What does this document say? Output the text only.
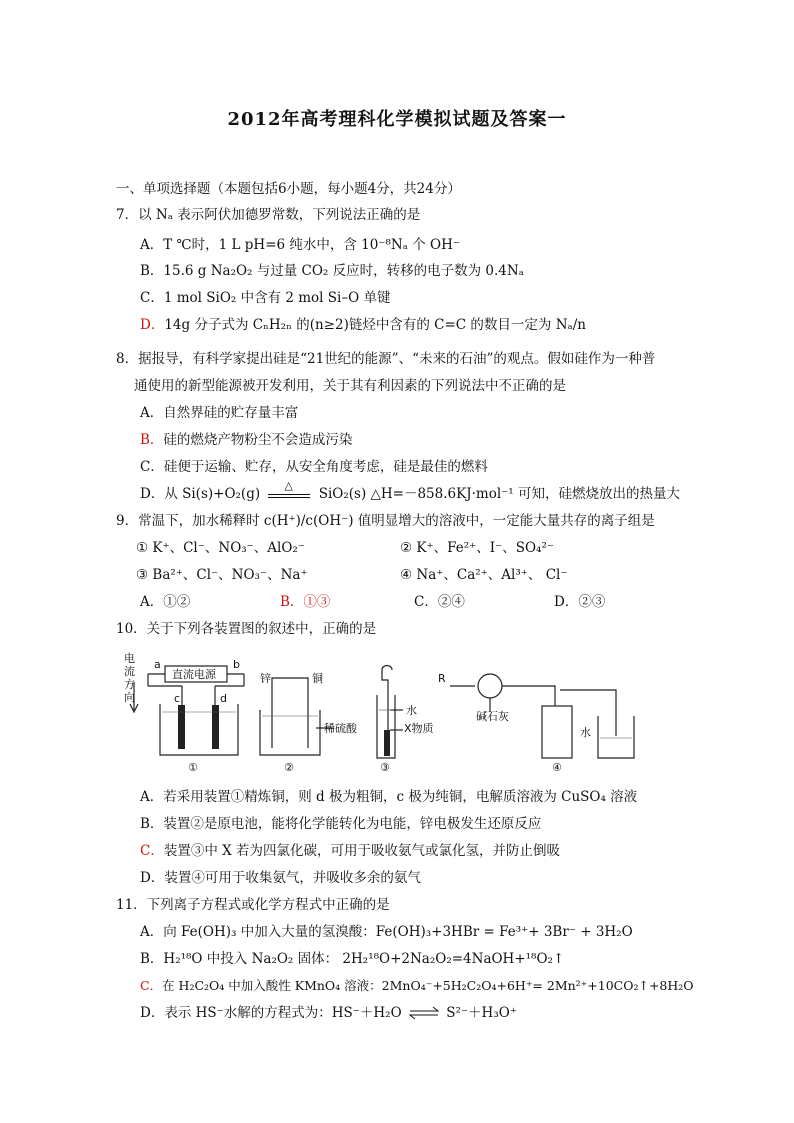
2012年高考理科化学模拟试题及答案一
一、单项选择题（本题包括6小题，每小题4分，共24分）
7．以 Nₐ 表示阿伏加德罗常数，下列说法正确的是
A．T ℃时，1 L pH=6 纯水中，含 10⁻⁸Nₐ 个 OH⁻
B．15.6 g Na₂O₂ 与过量 CO₂ 反应时，转移的电子数为 0.4Nₐ
C．1 mol SiO₂ 中含有 2 mol Si–O 单键
D．14g 分子式为 CₙH₂ₙ 的(n≥2)链烃中含有的 C=C 的数目一定为 Nₐ/n
8．据报导，有科学家提出硅是“21世纪的能源”、“未来的石油”的观点。假如硅作为一种普
通使用的新型能源被开发利用，关于其有利因素的下列说法中不正确的是
A．自然界硅的贮存量丰富
B．硅的燃烧产物粉尘不会造成污染
C．硅便于运输、贮存，从安全角度考虑，硅是最佳的燃料
D．从 Si(s)+O₂(g)
△
SiO₂(s) △H=－858.6KJ·mol⁻¹ 可知，硅燃烧放出的热量大
9．常温下，加水稀释时 c(H⁺)/c(OH⁻) 值明显增大的溶液中，一定能大量共存的离子组是
① K⁺、Cl⁻、NO₃⁻、AlO₂⁻	② K⁺、Fe²⁺、I⁻、SO₄²⁻
③ Ba²⁺、Cl⁻、NO₃⁻、Na⁺	④ Na⁺、Ca²⁺、Al³⁺、 Cl⁻
A．①②	B．①③	C．②④	D．②③
10．关于下列各装置图的叙述中，正确的是
电
流
方
向
a	b
c	d
直流电源	锌	铜
稀硫酸
水
X物质
R
碱石灰
水
①	②	③	④
A．若采用装置①精炼铜，则 d 极为粗铜，c 极为纯铜，电解质溶液为 CuSO₄ 溶液
B．装置②是原电池，能将化学能转化为电能，锌电极发生还原反应
C．装置③中 X 若为四氯化碳，可用于吸收氨气或氯化氢，并防止倒吸
D．装置④可用于收集氨气，并吸收多余的氨气
11．下列离子方程式或化学方程式中正确的是
A．向 Fe(OH)₃ 中加入大量的氢溴酸：Fe(OH)₃+3HBr = Fe³⁺+ 3Br⁻ + 3H₂O
B．H₂¹⁸O 中投入 Na₂O₂ 固体： 2H₂¹⁸O+2Na₂O₂=4NaOH+¹⁸O₂↑
C．在 H₂C₂O₄ 中加入酸性 KMnO₄ 溶液：2MnO₄⁻+5H₂C₂O₄+6H⁺= 2Mn²⁺+10CO₂↑+8H₂O
D．表示 HS⁻水解的方程式为：HS⁻＋H₂O ⇌ S²⁻＋H₃O⁺
